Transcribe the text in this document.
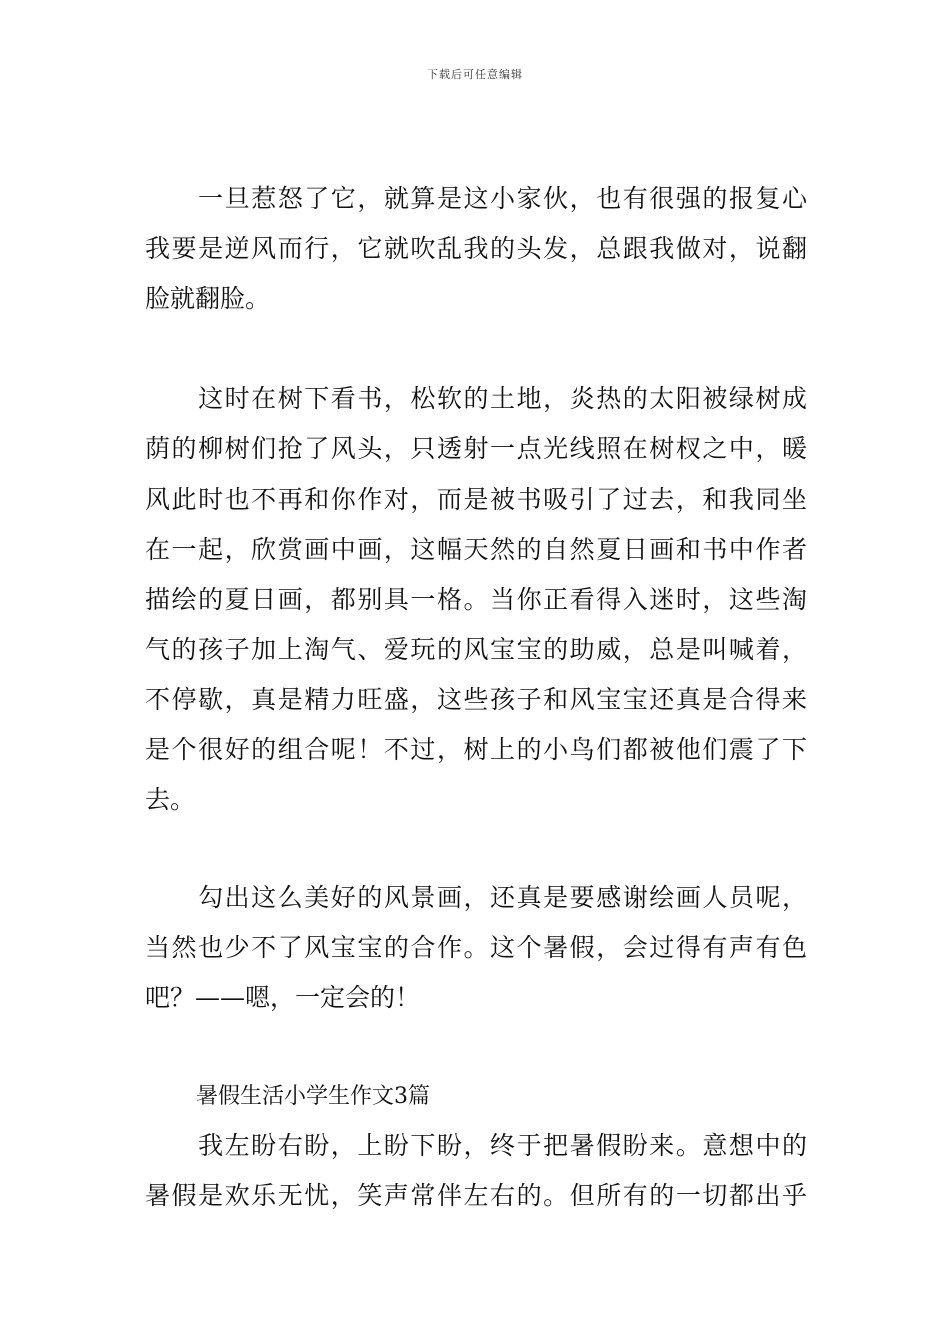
下载后可任意编辑
　　一旦惹怒了它，就算是这小家伙，也有很强的报复心
我要是逆风而行，它就吹乱我的头发，总跟我做对，说翻
脸就翻脸。
　　这时在树下看书，松软的土地，炎热的太阳被绿树成
荫的柳树们抢了风头，只透射一点光线照在树杈之中，暖
风此时也不再和你作对，而是被书吸引了过去，和我同坐
在一起，欣赏画中画，这幅天然的自然夏日画和书中作者
描绘的夏日画，都别具一格。当你正看得入迷时，这些淘
气的孩子加上淘气、爱玩的风宝宝的助威，总是叫喊着，
不停歇，真是精力旺盛，这些孩子和风宝宝还真是合得来
是个很好的组合呢！不过，树上的小鸟们都被他们震了下
去。
　　勾出这么美好的风景画，还真是要感谢绘画人员呢，
当然也少不了风宝宝的合作。这个暑假，会过得有声有色
吧？——嗯，一定会的！
暑假生活小学生作文3篇
　　我左盼右盼，上盼下盼，终于把暑假盼来。意想中的
暑假是欢乐无忧，笑声常伴左右的。但所有的一切都出乎
